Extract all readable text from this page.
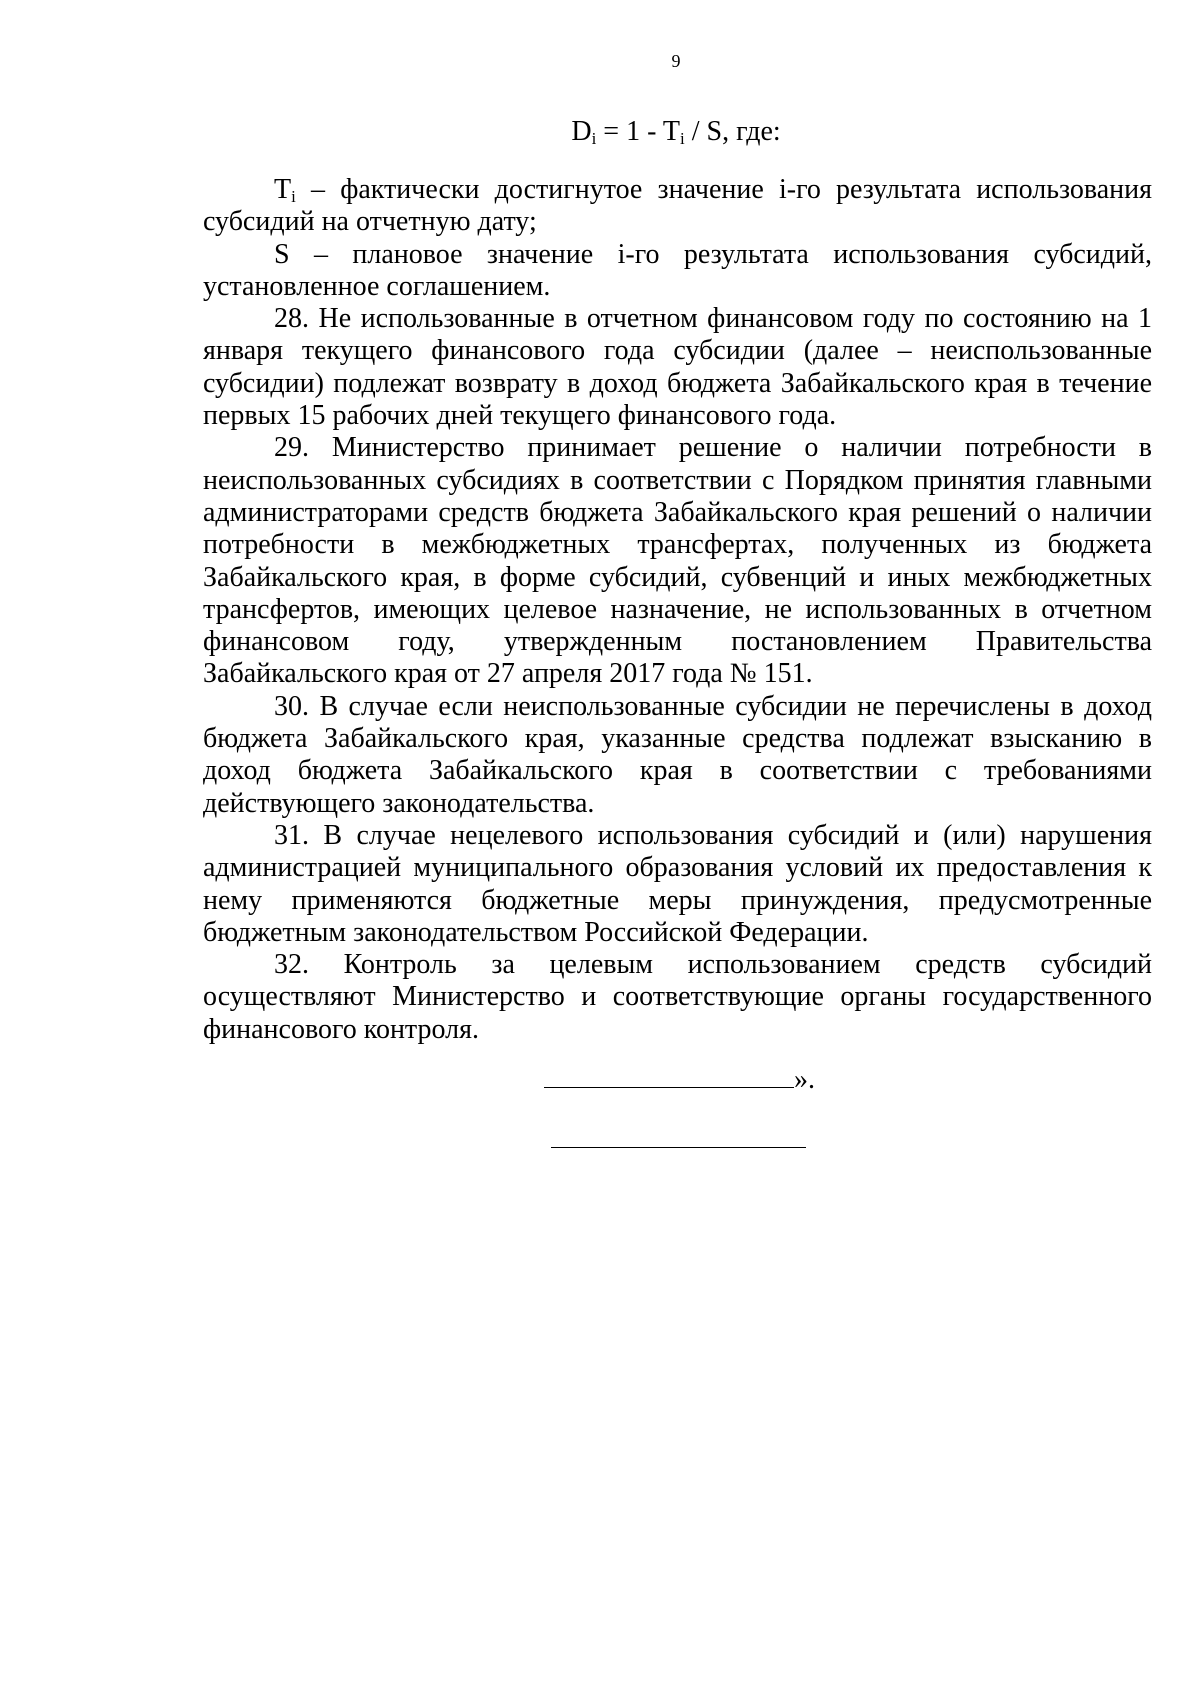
9
$D_i = 1 - T_i / S$, где:

$T_i$ – фактически достигнутое значение i-го результата использования субсидий на отчетную дату;

S – плановое значение i-го результата использования субсидий, установленное соглашением.

28. Не использованные в отчетном финансовом году по состоянию на 1 января текущего финансового года субсидии (далее – неиспользованные субсидии) подлежат возврату в доход бюджета Забайкальского края в течение первых 15 рабочих дней текущего финансового года.

29. Министерство принимает решение о наличии потребности в неиспользованных субсидиях в соответствии с Порядком принятия главными администраторами средств бюджета Забайкальского края решений о наличии потребности в межбюджетных трансфертах, полученных из бюджета Забайкальского края, в форме субсидий, субвенций и иных межбюджетных трансфертов, имеющих целевое назначение, не использованных в отчетном финансовом году, утвержденным постановлением Правительства Забайкальского края от 27 апреля 2017 года № 151.

30. В случае если неиспользованные субсидии не перечислены в доход бюджета Забайкальского края, указанные средства подлежат взысканию в доход бюджета Забайкальского края в соответствии с требованиями действующего законодательства.

31. В случае нецелевого использования субсидий и (или) нарушения администрацией муниципального образования условий их предоставления к нему применяются бюджетные меры принуждения, предусмотренные бюджетным законодательством Российской Федерации.

32. Контроль за целевым использованием средств субсидий осуществляют Министерство и соответствующие органы государственного финансового контроля.

».
